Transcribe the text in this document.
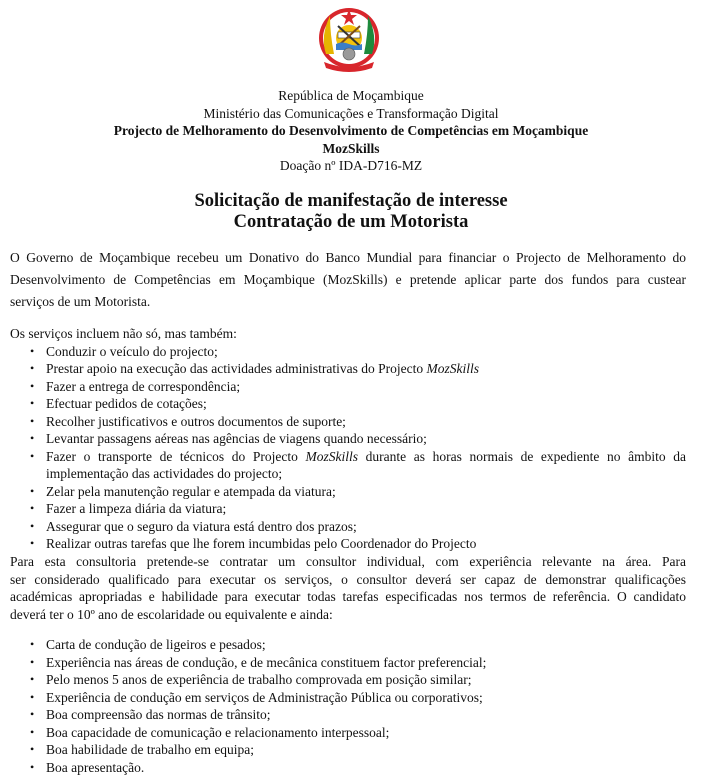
República de Moçambique
Ministério das Comunicações e Transformação Digital
Projecto de Melhoramento do Desenvolvimento de Competências em Moçambique
MozSkills
Doação nº IDA-D716-MZ
Solicitação de manifestação de interesse
Contratação de um Motorista
O Governo de Moçambique recebeu um Donativo do Banco Mundial para financiar o Projecto de Melhoramento do
Desenvolvimento de Competências em Moçambique (MozSkills) e pretende aplicar parte dos fundos para custear
serviços de um Motorista.
Os serviços incluem não só, mas também:
• Conduzir o veículo do projecto;
• Prestar apoio na execução das actividades administrativas do Projecto MozSkills
• Fazer a entrega de correspondência;
• Efectuar pedidos de cotações;
• Recolher justificativos e outros documentos de suporte;
• Levantar passagens aéreas nas agências de viagens quando necessário;
• Fazer o transporte de técnicos do Projecto MozSkills durante as horas normais de expediente no âmbito da
implementação das actividades do projecto;
• Zelar pela manutenção regular e atempada da viatura;
• Fazer a limpeza diária da viatura;
• Assegurar que o seguro da viatura está dentro dos prazos;
• Realizar outras tarefas que lhe forem incumbidas pelo Coordenador do Projecto
Para esta consultoria pretende-se contratar um consultor individual, com experiência relevante na área. Para
ser considerado qualificado para executar os serviços, o consultor deverá ser capaz de demonstrar qualificações
académicas apropriadas e habilidade para executar todas tarefas especificadas nos termos de referência. O candidato
deverá ter o 10º ano de escolaridade ou equivalente e ainda:
• Carta de condução de ligeiros e pesados;
• Experiência nas áreas de condução, e de mecânica constituem factor preferencial;
• Pelo menos 5 anos de experiência de trabalho comprovada em posição similar;
• Experiência de condução em serviços de Administração Pública ou corporativos;
• Boa compreensão das normas de trânsito;
• Boa capacidade de comunicação e relacionamento interpessoal;
• Boa habilidade de trabalho em equipa;
• Boa apresentação.
